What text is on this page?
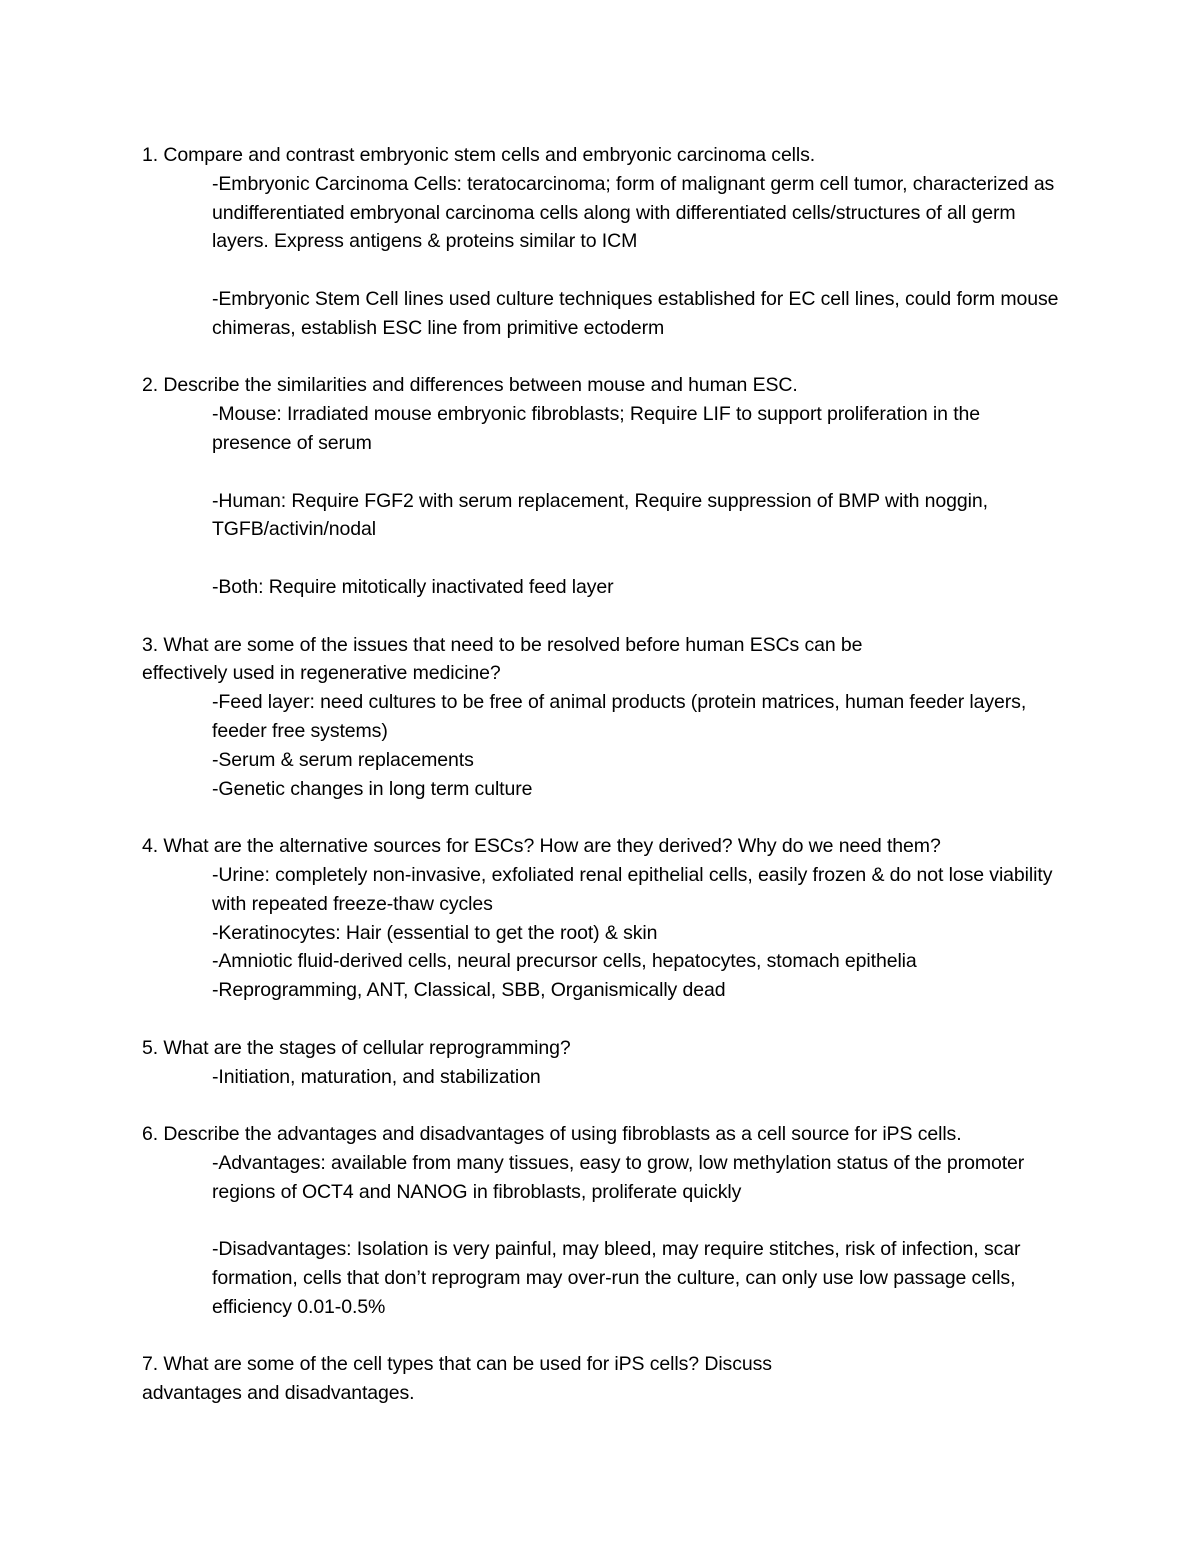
1. Compare and contrast embryonic stem cells and embryonic carcinoma cells.
-Embryonic Carcinoma Cells: teratocarcinoma; form of malignant germ cell tumor, characterized as undifferentiated embryonal carcinoma cells along with differentiated cells/structures of all germ layers. Express antigens & proteins similar to ICM
-Embryonic Stem Cell lines used culture techniques established for EC cell lines, could form mouse chimeras, establish ESC line from primitive ectoderm
2. Describe the similarities and differences between mouse and human ESC.
-Mouse: Irradiated mouse embryonic fibroblasts; Require LIF to support proliferation in the presence of serum
-Human: Require FGF2 with serum replacement, Require suppression of BMP with noggin, TGFB/activin/nodal
-Both: Require mitotically inactivated feed layer
3. What are some of the issues that need to be resolved before human ESCs can be effectively used in regenerative medicine?
-Feed layer: need cultures to be free of animal products (protein matrices, human feeder layers, feeder free systems)
-Serum & serum replacements
-Genetic changes in long term culture
4. What are the alternative sources for ESCs? How are they derived? Why do we need them?
-Urine: completely non-invasive, exfoliated renal epithelial cells, easily frozen & do not lose viability with repeated freeze-thaw cycles
-Keratinocytes: Hair (essential to get the root) & skin
-Amniotic fluid-derived cells, neural precursor cells, hepatocytes, stomach epithelia
-Reprogramming, ANT, Classical, SBB, Organismically dead
5. What are the stages of cellular reprogramming?
-Initiation, maturation, and stabilization
6. Describe the advantages and disadvantages of using fibroblasts as a cell source for iPS cells.
-Advantages: available from many tissues, easy to grow, low methylation status of the promoter regions of OCT4 and NANOG in fibroblasts, proliferate quickly
-Disadvantages: Isolation is very painful, may bleed, may require stitches, risk of infection, scar formation, cells that don’t reprogram may over-run the culture, can only use low passage cells, efficiency 0.01-0.5%
7. What are some of the cell types that can be used for iPS cells? Discuss advantages and disadvantages.
